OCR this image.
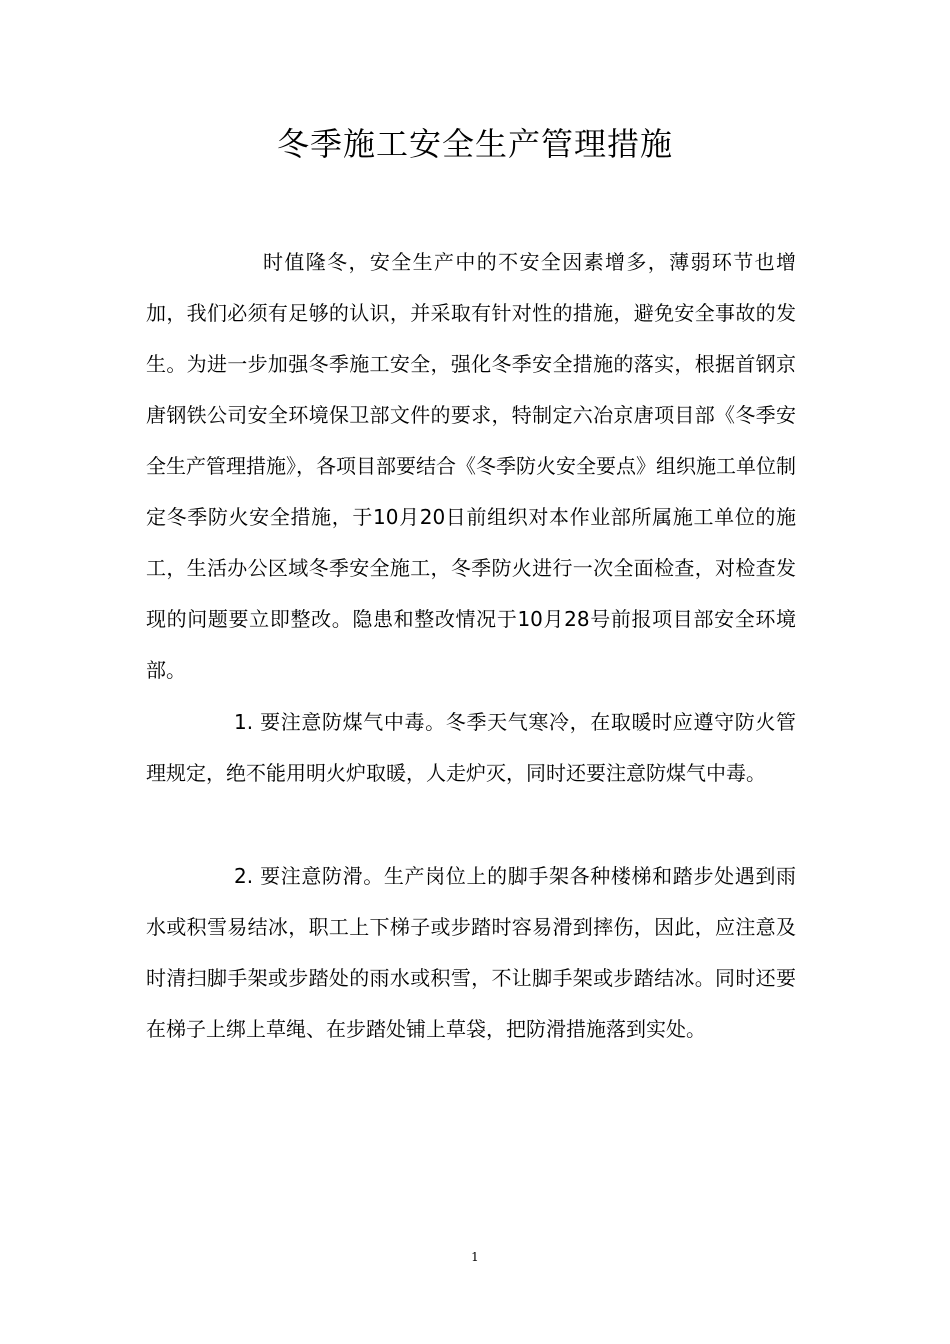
冬季施工安全生产管理措施

时值隆冬，安全生产中的不安全因素增多，薄弱环节也增加，我们必须有足够的认识，并采取有针对性的措施，避免安全事故的发生。为进一步加强冬季施工安全，强化冬季安全措施的落实，根据首钢京唐钢铁公司安全环境保卫部文件的要求，特制定六冶京唐项目部《冬季安全生产管理措施》，各项目部要结合《冬季防火安全要点》组织施工单位制定冬季防火安全措施，于10月20日前组织对本作业部所属施工单位的施工，生活办公区域冬季安全施工，冬季防火进行一次全面检查，对检查发现的问题要立即整改。隐患和整改情况于10月28号前报项目部安全环境部。

1. 要注意防煤气中毒。冬季天气寒冷，在取暖时应遵守防火管理规定，绝不能用明火炉取暖，人走炉灭，同时还要注意防煤气中毒。

2. 要注意防滑。生产岗位上的脚手架各种楼梯和踏步处遇到雨水或积雪易结冰，职工上下梯子或步踏时容易滑到摔伤，因此，应注意及时清扫脚手架或步踏处的雨水或积雪，不让脚手架或步踏结冰。同时还要在梯子上绑上草绳、在步踏处铺上草袋，把防滑措施落到实处。

1
